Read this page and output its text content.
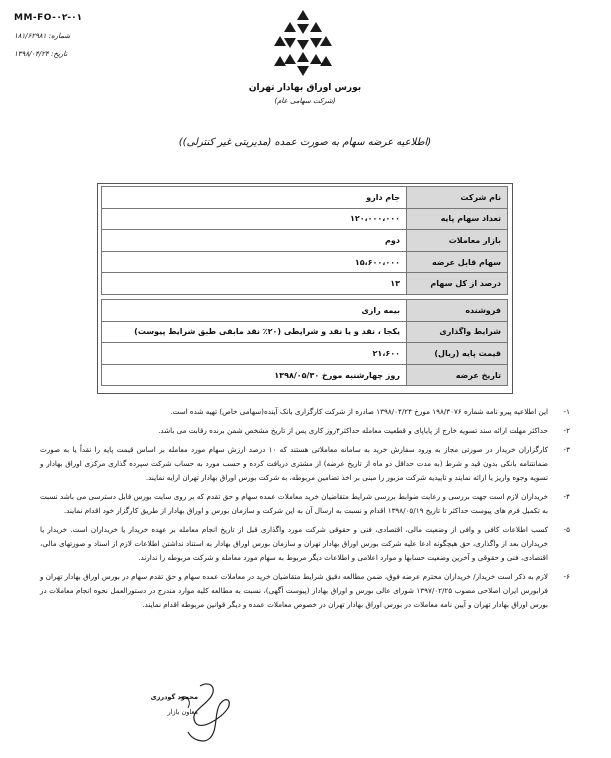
MM-FO-۰۲-۰۱
شماره: ۱۸۱/۶۲۹۸۱
تاریخ: ۱۳۹۸/۰۴/۲۴
بورس اوراق بهادار تهران
(شرکت سهامی عام)
(اطلاعیه عرضه سهام به صورت عمده (مدیریتی غیر کنترلی))
نام شرکت	جام دارو
تعداد سهام پایه	۱۲۰،۰۰۰،۰۰۰
بازار معاملات	دوم
سهام قابل عرضه	۱۵،۶۰۰،۰۰۰
درصد از کل سهام	۱۳

فروشنده	بیمه رازی
شرایط واگذاری	یکجا ، نقد و یا نقد و شرایطی (۲۰٪ نقد مابقی طبق شرایط پیوست)
قیمت پایه (ریال)	۲۱،۶۰۰
تاریخ عرضه	روز چهارشنبه مورخ ۱۳۹۸/۰۵/۳۰
۱-
این اطلاعیه پیرو نامه شماره ۱۹۸/۳۰۷۶ مورخ ۱۳۹۸/۰۴/۲۴ صادره از شرکت کارگزاری بانک آینده(سهامی خاص) تهیه شده است.
۲-
حداکثر مهلت ارائه سند تسویه خارج از پایاپای و قطعیت معامله حداکثر۴روز کاری پس از تاریخ مشخص شمن برنده رقابت می باشد.
۳-
کارگزاران خریدار در صورتی مجاز به ورود سفارش خرید به سامانه معاملاتی هستند که ۱۰ درصد ارزش سهام مورد معامله بر اساس قیمت پایه را نقداً یا به صورت ضمانتنامه بانکی بدون قید و شرط (به مدت حداقل دو ماه از تاریخ عرضه) از مشتری دریافت کرده و حسب مورد به حساب شرکت سپرده گذاری مرکزی اوراق بهادار و تسویه وجوه واریز یا ارائه نمایند و تاییدیه شرکت مزبور را مبنی بر اخذ تضامین مربوطه، به شرکت بورس اوراق بهادار تهران ارایه نمایند.
۴-
خریداران لازم است جهت بررسی و رعایت ضوابط بررسی شرایط متقاضیان خرید معاملات عمده سهام و حق تقدم که بر روی سایت بورس قابل دسترسی می باشد نسبت به تکمیل فرم های پیوست حداکثر تا تاریخ ۱۳۹۸/۰۵/۱۹ اقدام و نسبت به ارسال آن به این شرکت و سازمان بورس و اوراق بهادار از طریق کارگزار خود اقدام نمایند.
۵-
کسب اطلاعات کافی و وافی از وضعیت مالی، اقتصادی، فنی و حقوقی شرکت مورد واگذاری قبل از تاریخ انجام معامله بر عهده خریدار یا خریداران است. خریدار یا خریداران بعد از واگذاری، حق هیچگونه ادعا علیه شرکت بورس اوراق بهادار تهران و سازمان بورس اوراق بهادار به استناد نداشتن اطلاعات لازم از اسناد و صورتهای مالی، اقتصادی، فنی و حقوقی و آخرین وضعیت حسابها و موارد اعلامی و اطلاعات دیگر مربوط به سهام مورد معامله و شرکت مربوطه را ندارند.
۶-
لازم به ذکر است خریدار/ خریداران محترم عرضه فوق، ضمن مطالعه دقیق شرایط متقاضیان خرید در معاملات عمده سهام و حق تقدم سهام در بورس اوراق بهادار تهران و فرابورس ایران اصلاحی مصوب ۱۳۹۷/۰۲/۲۵ شورای عالی بورس و اوراق بهادار (پیوست آگهی)، نسبت به مطالعه کلیه موارد مندرج در دستورالعمل نحوه انجام معاملات در بورس اوراق بهادار تهران و آیین نامه معاملات در بورس اوراق بهادار تهران در خصوص معاملات عمده و دیگر قوانین مربوطه اقدام نمایند.
محمود گودرزی
معاون بازار
